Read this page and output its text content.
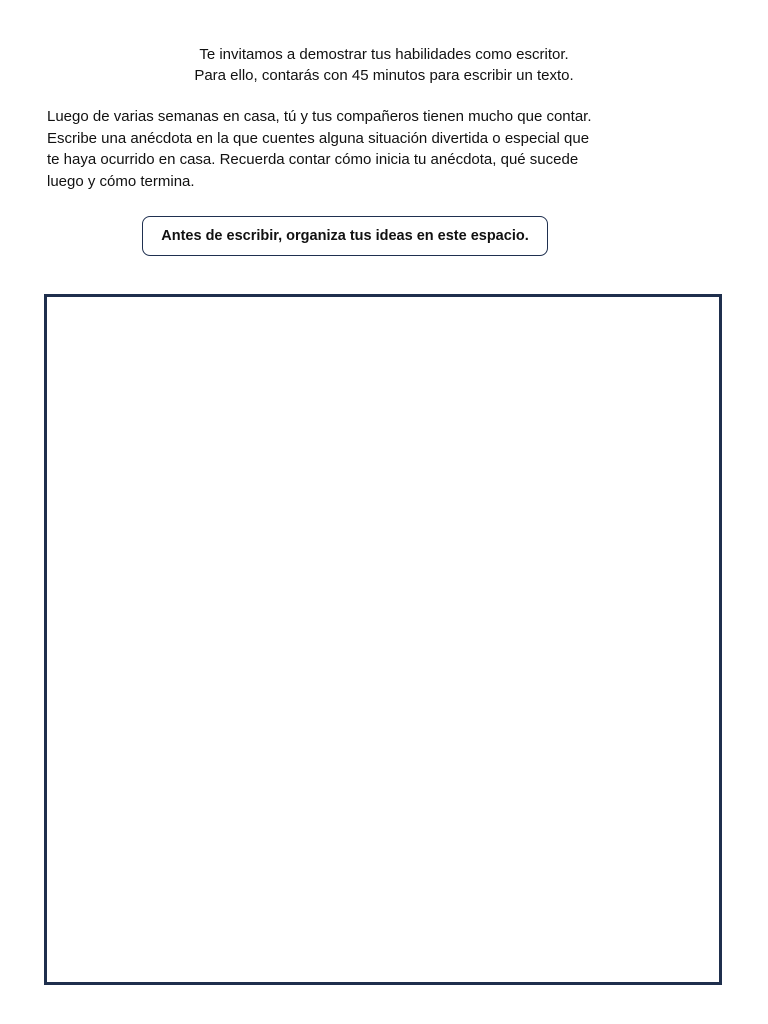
Te invitamos a demostrar tus habilidades como escritor.
Para ello, contarás con 45 minutos para escribir un texto.
Luego de varias semanas en casa, tú y tus compañeros tienen mucho que contar.
Escribe una anécdota en la que cuentes alguna situación divertida o especial que
te haya ocurrido en casa. Recuerda contar cómo inicia tu anécdota, qué sucede
luego y cómo termina.
Antes de escribir, organiza tus ideas en este espacio.
